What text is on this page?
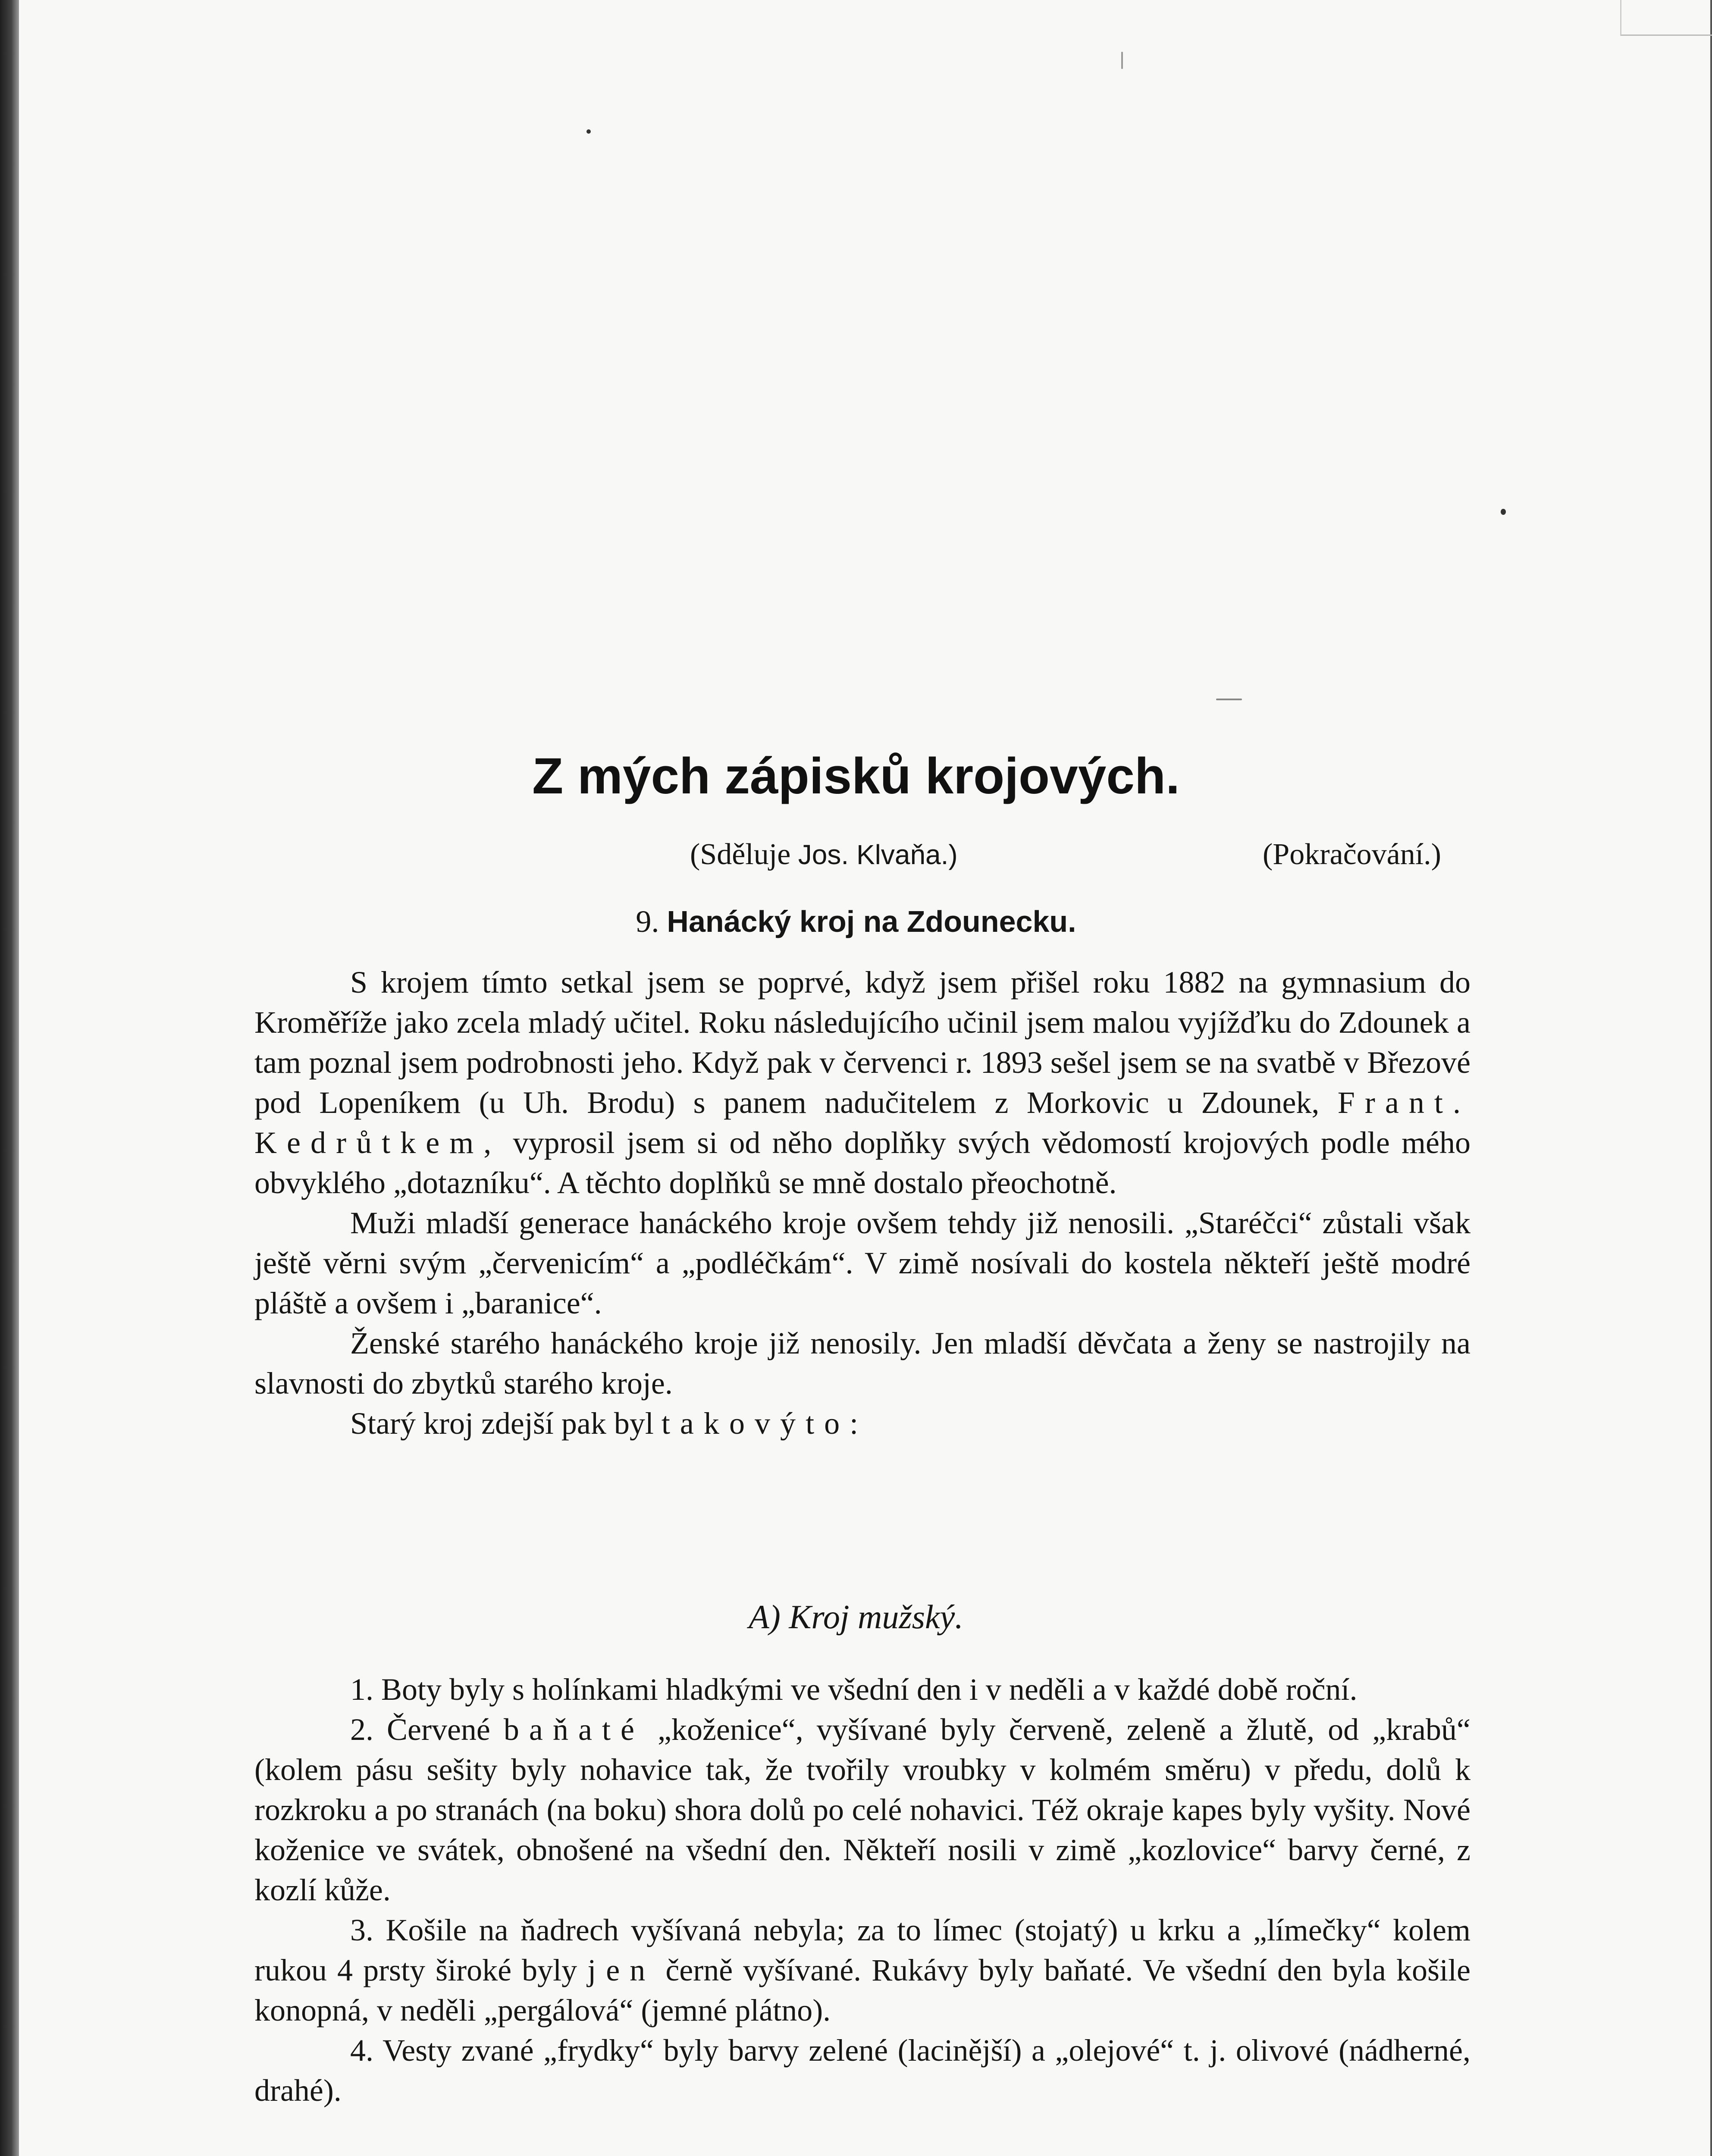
Z mých zápisků krojových.
(Sděluje Jos. Klvaňa.)	(Pokračování.)
9. Hanácký kroj na Zdounecku.

S krojem tímto setkal jsem se poprvé, když jsem přišel roku 1882 na gymnasium do Kroměříže jako zcela mladý učitel. Roku následujícího učinil jsem malou vyjížďku do Zdounek a tam poznal jsem podrobnosti jeho. Když pak v červenci r. 1893 sešel jsem se na svatbě v Březové pod Lopeníkem (u Uh. Brodu) s panem nadučitelem z Morkovic u Zdounek, Frant. Kedrůtkem, vyprosil jsem si od něho doplňky svých vědomostí krojových podle mého obvyklého „dotazníku“. A těchto doplňků se mně dostalo přeochotně.

Muži mladší generace hanáckého kroje ovšem tehdy již nenosili. „Staréčci“ zůstali však ještě věrni svým „červenicím“ a „podléčkám“. V zimě nosívali do kostela někteří ještě modré pláště a ovšem i „baranice“.

Ženské starého hanáckého kroje již nenosily. Jen mladší děvčata a ženy se nastrojily na slavnosti do zbytků starého kroje.

Starý kroj zdejší pak byl takovýto:

A) Kroj mužský.

1. Boty byly s holínkami hladkými ve všední den i v neděli a v každé době roční.

2. Červené baňaté „koženice“, vyšívané byly červeně, zeleně a žlutě, od „krabů“ (kolem pásu sešity byly nohavice tak, že tvořily vroubky v kolmém směru) v předu, dolů k rozkroku a po stranách (na boku) shora dolů po celé nohavici. Též okraje kapes byly vyšity. Nové koženice ve svátek, obnošené na všední den. Někteří nosili v zimě „kozlovice“ barvy černé, z kozlí kůže.

3. Košile na ňadrech vyšívaná nebyla; za to límec (stojatý) u krku a „límečky“ kolem rukou 4 prsty široké byly jen černě vyšívané. Rukávy byly baňaté. Ve všední den byla košile konopná, v neděli „pergálová“ (jemné plátno).

4. Vesty zvané „frydky“ byly barvy zelené (lacinější) a „olejové“ t. j. olivové (nádherné, drahé).
